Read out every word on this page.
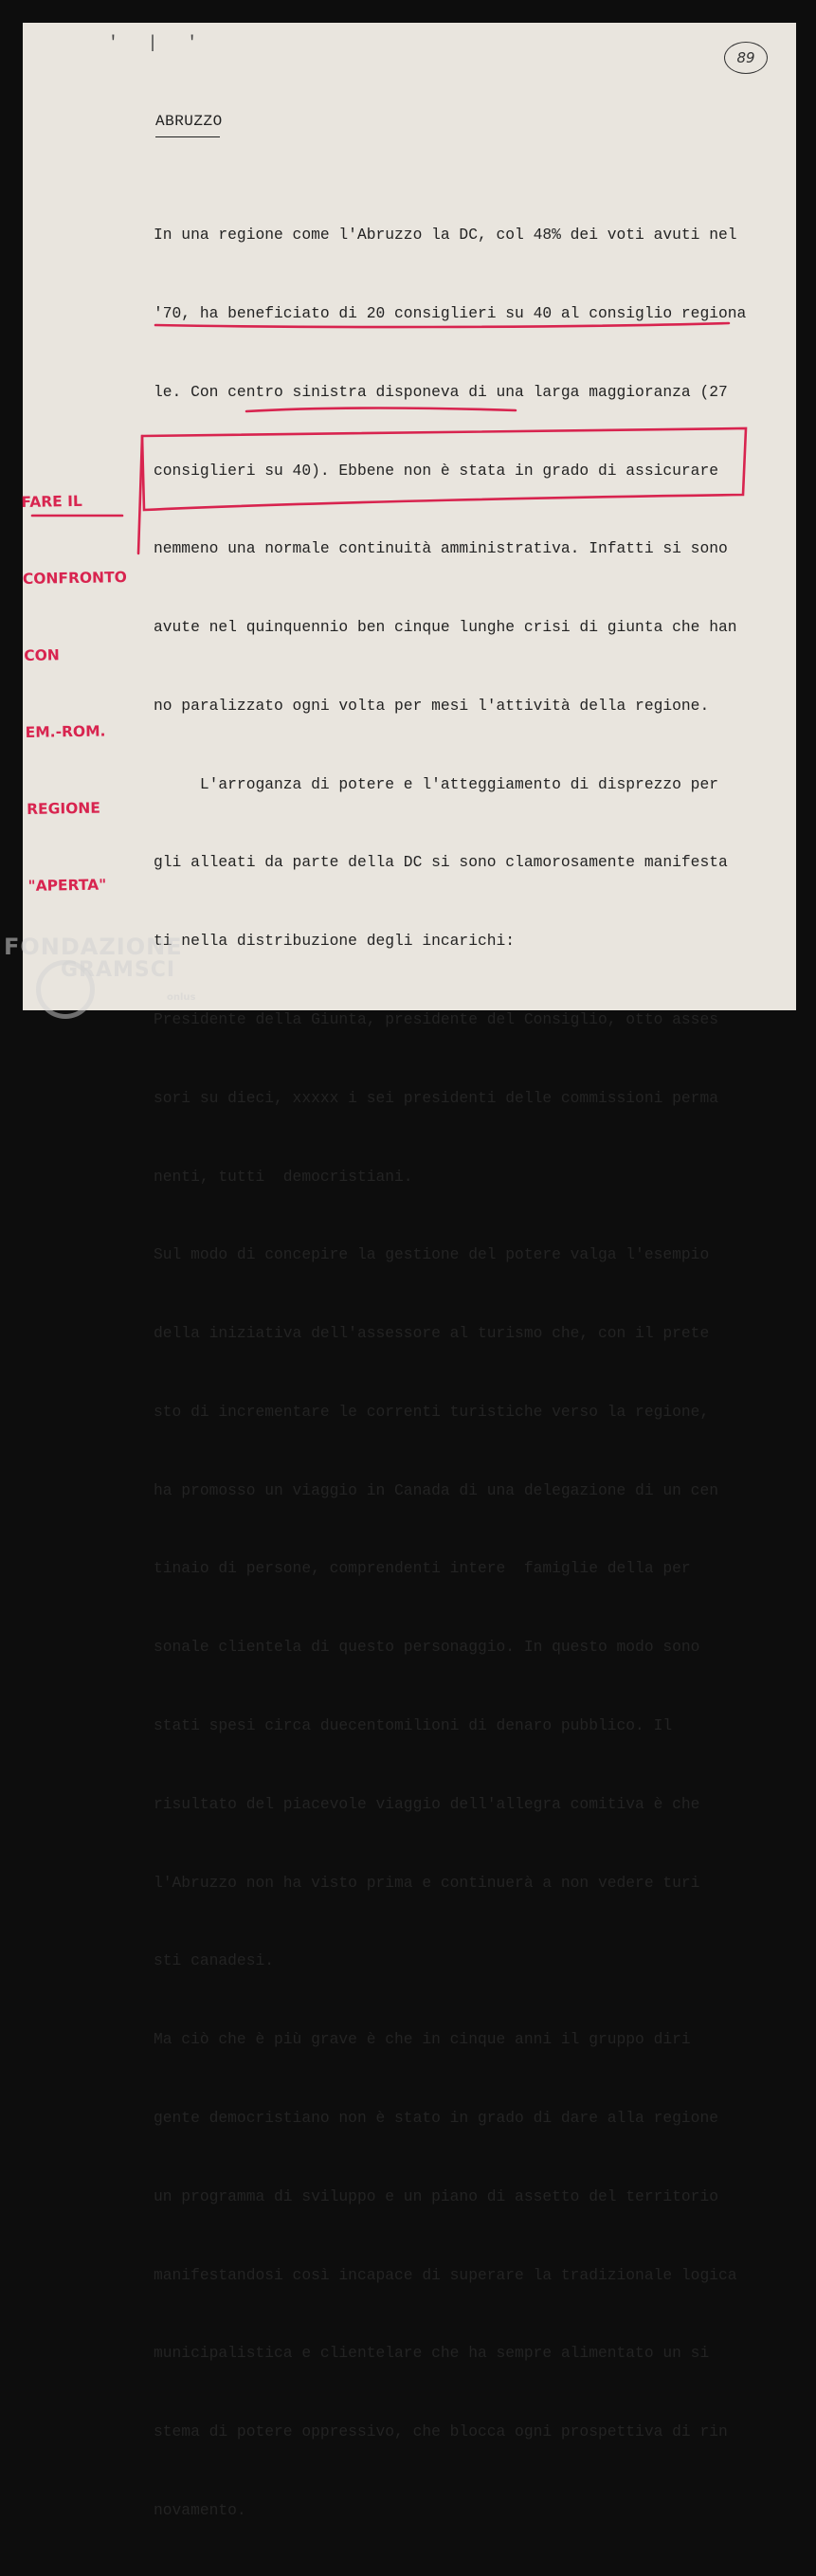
' | '
89
ABRUZZO

In una regione come l'Abruzzo la DC, col 48% dei voti avuti nel

'70, ha beneficiato di 20 consiglieri su 40 al consiglio regiona

le. Con centro sinistra disponeva di una larga maggioranza (27

consiglieri su 40). Ebbene non è stata in grado di assicurare

nemmeno una normale continuità amministrativa. Infatti si sono

avute nel quinquennio ben cinque lunghe crisi di giunta che han

no paralizzato ogni volta per mesi l'attività della regione.

L'arroganza di potere e l'atteggiamento di disprezzo per

gli alleati da parte della DC si sono clamorosamente manifesta

ti nella distribuzione degli incarichi:

Presidente della Giunta, presidente del Consiglio, otto asses

sori su dieci, xxxxx i sei presidenti delle commissioni perma

nenti, tutti  democristiani.

Sul modo di concepire la gestione del potere valga l'esempio

della iniziativa dell'assessore al turismo che, con il prete

sto di incrementare le correnti turistiche verso la regione,

ha promosso un viaggio in Canada di una delegazione di un cen

tinaio di persone, comprendenti intere  famiglie della per

sonale clientela di questo personaggio. In questo modo sono

stati spesi circa duecentomilioni di denaro pubblico. Il

risultato del piacevole viaggio dell'allegra comitiva è che

l'Abruzzo non ha visto prima e continuerà a non vedere turi

sti canadesi.

Ma ciò che è più grave è che in cinque anni il gruppo diri

gente democristiano non è stato in grado di dare alla regione

un programma di sviluppo e un piano di assetto del territorio

manifestandosi così incapace di superare la tradizionale logica

municipalistica e clientelare che ha sempre alimentato un si

stema di potere oppressivo, che blocca ogni prospettiva di rin

novamento.

FARE IL

CONFRONTO

CON

EM.-ROM.

REGIONE

"APERTA"

FONDAZIONE
GRAMSCI
onlus
